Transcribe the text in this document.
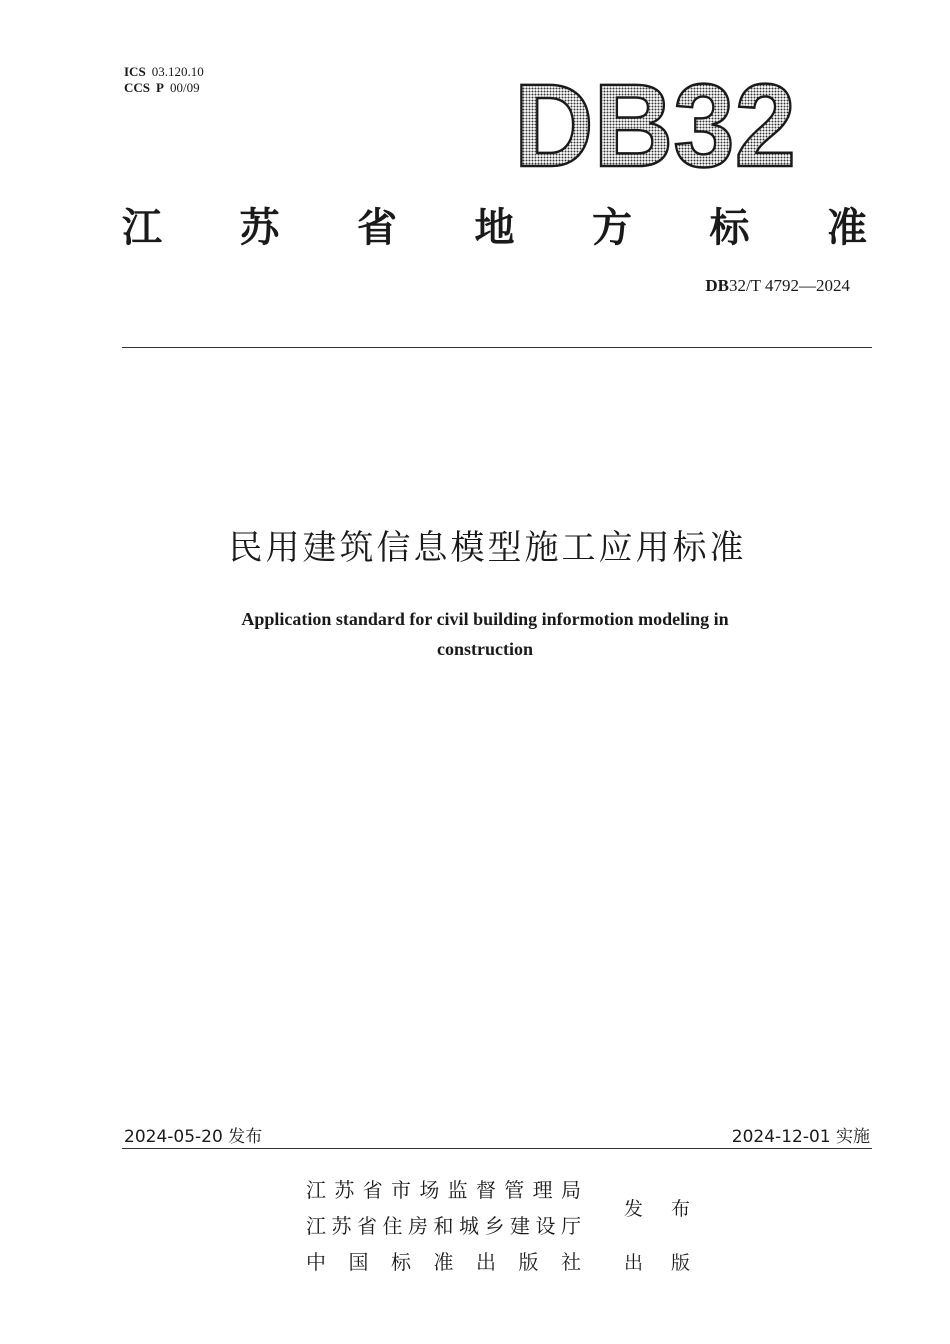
ICS 03.120.10
CCS P 00/09	DB32
江 苏 省 地 方 标 准
DB32/T 4792—2024
民用建筑信息模型施工应用标准
Application standard for civil building informotion modeling in
construction
2024-05-20 发布	2024-12-01 实施
江 苏 省 市 场 监 督 管 理 局
江 苏 省 住 房 和 城 乡 建 设 厅
中 国 标 准 出 版 社
发 布
出 版
